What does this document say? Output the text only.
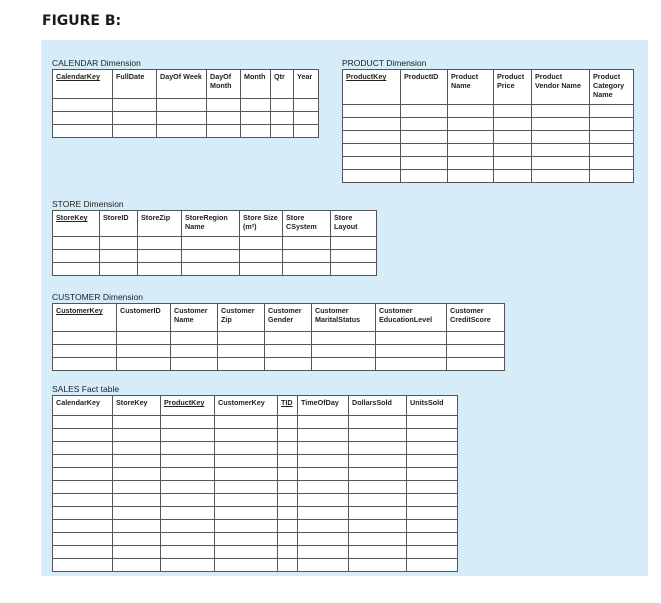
FIGURE B:
CALENDAR Dimension
CalendarKey	FullDate	DayOf Week	DayOf Month	Month	Qtr	Year

PRODUCT Dimension
ProductKey	ProductID	Product Name	Product Price	Product Vendor Name	Product Category Name

STORE Dimension
StoreKey	StoreID	StoreZip	StoreRegion Name	Store Size (m²)	Store CSystem	Store Layout

CUSTOMER Dimension
CustomerKey	CustomerID	Customer Name	Customer Zip	Customer Gender	Customer MaritalStatus	Customer EducationLevel	Customer CreditScore

SALES Fact table
CalendarKey	StoreKey	ProductKey	CustomerKey	TID	TimeOfDay	DollarsSold	UnitsSold
